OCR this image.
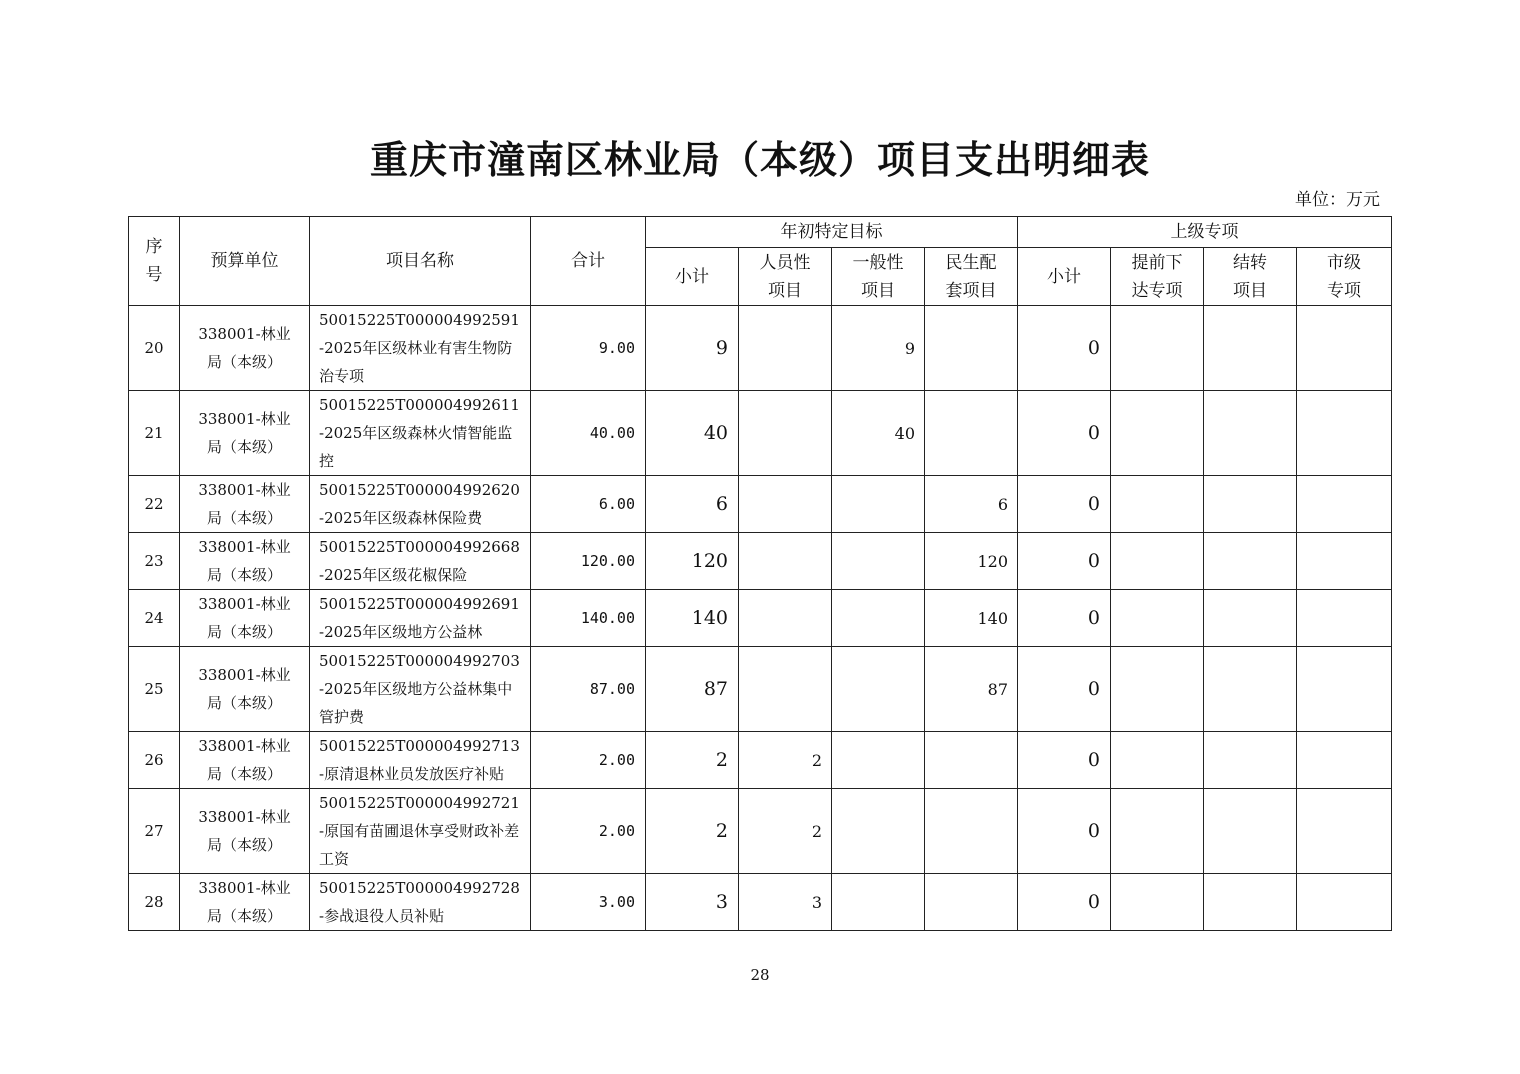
重庆市潼南区林业局（本级）项目支出明细表
单位：万元
序号	预算单位	项目名称	合计	年初特定目标				上级专项			
				小计	人员性项目	一般性项目	民生配套项目	小计	提前下达专项	结转项目	市级专项
20	338001-林业局（本级）	50015225T000004992591-2025年区级林业有害生物防治专项	9.00	9		9		0			
21	338001-林业局（本级）	50015225T000004992611-2025年区级森林火情智能监控	40.00	40		40		0			
22	338001-林业局（本级）	50015225T000004992620-2025年区级森林保险费	6.00	6			6	0			
23	338001-林业局（本级）	50015225T000004992668-2025年区级花椒保险	120.00	120			120	0			
24	338001-林业局（本级）	50015225T000004992691-2025年区级地方公益林	140.00	140			140	0			
25	338001-林业局（本级）	50015225T000004992703-2025年区级地方公益林集中管护费	87.00	87			87	0			
26	338001-林业局（本级）	50015225T000004992713-原清退林业员发放医疗补贴	2.00	2	2			0			
27	338001-林业局（本级）	50015225T000004992721-原国有苗圃退休享受财政补差工资	2.00	2	2			0			
28	338001-林业局（本级）	50015225T000004992728-参战退役人员补贴	3.00	3	3			0			
28
